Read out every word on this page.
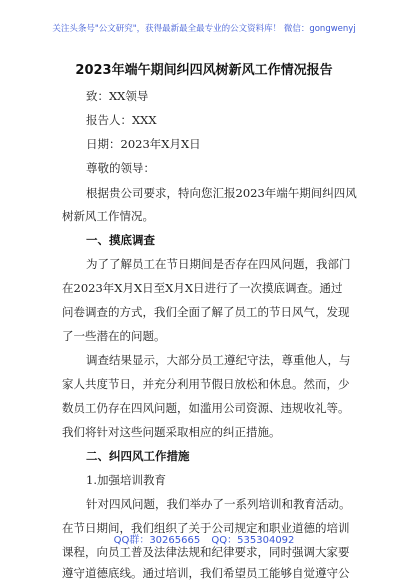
关注头条号"公文研究"，获得最新最全最专业的公文资料库！ 微信：gongwenyj
2023年端午期间纠四风树新风工作情况报告
致：XX领导
报告人：XXX
日期：2023年X月X日
尊敬的领导：
根据贵公司要求，特向您汇报2023年端午期间纠四风
树新风工作情况。
一、摸底调查
为了了解员工在节日期间是否存在四风问题，我部门
在2023年X月X日至X月X日进行了一次摸底调查。通过
问卷调查的方式，我们全面了解了员工的节日风气，发现
了一些潜在的问题。
调查结果显示，大部分员工遵纪守法，尊重他人，与
家人共度节日，并充分利用节假日放松和休息。然而，少
数员工仍存在四风问题，如滥用公司资源、违规收礼等。
我们将针对这些问题采取相应的纠正措施。
二、纠四风工作措施
1.加强培训教育
针对四风问题，我们举办了一系列培训和教育活动。
在节日期间，我们组织了关于公司规定和职业道德的培训
课程，向员工普及法律法规和纪律要求，同时强调大家要
遵守道德底线。通过培训，我们希望员工能够自觉遵守公
QQ群：30265665 QQ：535304092
